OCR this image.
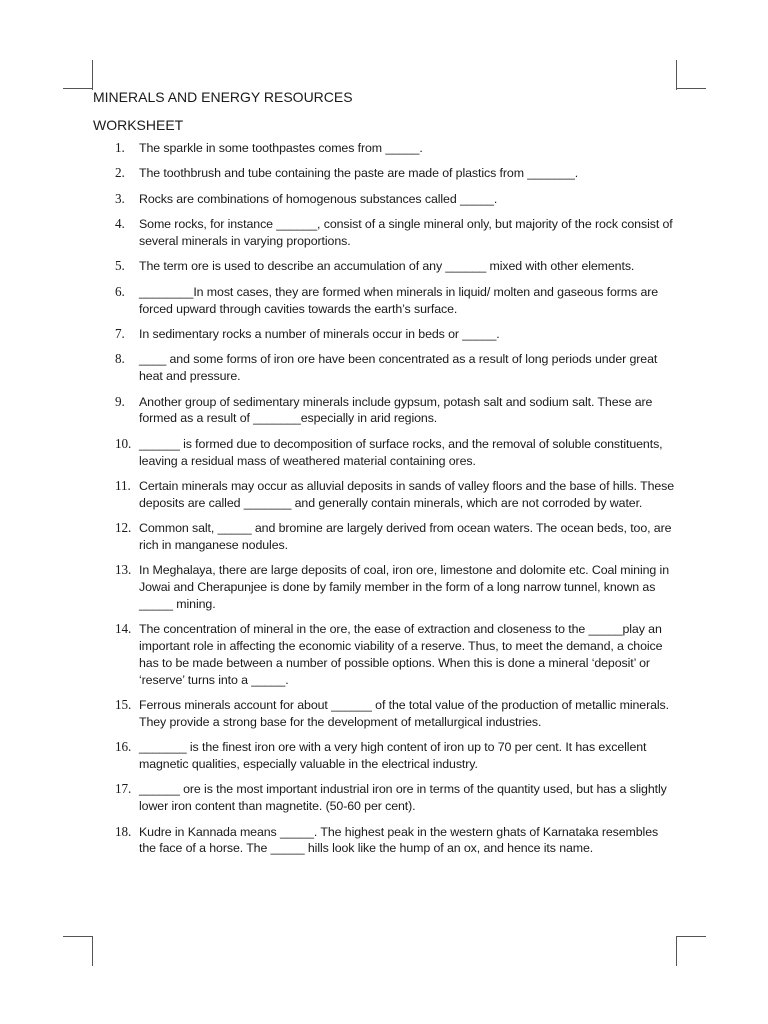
MINERALS AND ENERGY RESOURCES

WORKSHEET

1. The sparkle in some toothpastes comes from _____.
2. The toothbrush and tube containing the paste are made of plastics from _______.
3. Rocks are combinations of homogenous substances called _____.
4. Some rocks, for instance ______, consist of a single mineral only, but majority of the rock consist of several minerals in varying proportions.
5. The term ore is used to describe an accumulation of any ______ mixed with other elements.
6. ________In most cases, they are formed when minerals in liquid/ molten and gaseous forms are forced upward through cavities towards the earth’s surface.
7. In sedimentary rocks a number of minerals occur in beds or _____.
8. ____ and some forms of iron ore have been concentrated as a result of long periods under great heat and pressure.
9. Another group of sedimentary minerals include gypsum, potash salt and sodium salt. These are formed as a result of _______especially in arid regions.
10. ______ is formed due to decomposition of surface rocks, and the removal of soluble constituents, leaving a residual mass of weathered material containing ores.
11. Certain minerals may occur as alluvial deposits in sands of valley floors and the base of hills. These deposits are called _______ and generally contain minerals, which are not corroded by water.
12. Common salt, _____ and bromine are largely derived from ocean waters. The ocean beds, too, are rich in manganese nodules.
13. In Meghalaya, there are large deposits of coal, iron ore, limestone and dolomite etc. Coal mining in Jowai and Cherapunjee is done by family member in the form of a long narrow tunnel, known as _____ mining.
14. The concentration of mineral in the ore, the ease of extraction and closeness to the _____play an important role in affecting the economic viability of a reserve. Thus, to meet the demand, a choice has to be made between a number of possible options. When this is done a mineral ‘deposit’ or ‘reserve’ turns into a _____.
15. Ferrous minerals account for about ______ of the total value of the production of metallic minerals. They provide a strong base for the development of metallurgical industries.
16. _______ is the finest iron ore with a very high content of iron up to 70 per cent. It has excellent magnetic qualities, especially valuable in the electrical industry.
17. ______ ore is the most important industrial iron ore in terms of the quantity used, but has a slightly lower iron content than magnetite. (50-60 per cent).
18. Kudre in Kannada means _____. The highest peak in the western ghats of Karnataka resembles the face of a horse. The _____ hills look like the hump of an ox, and hence its name.
